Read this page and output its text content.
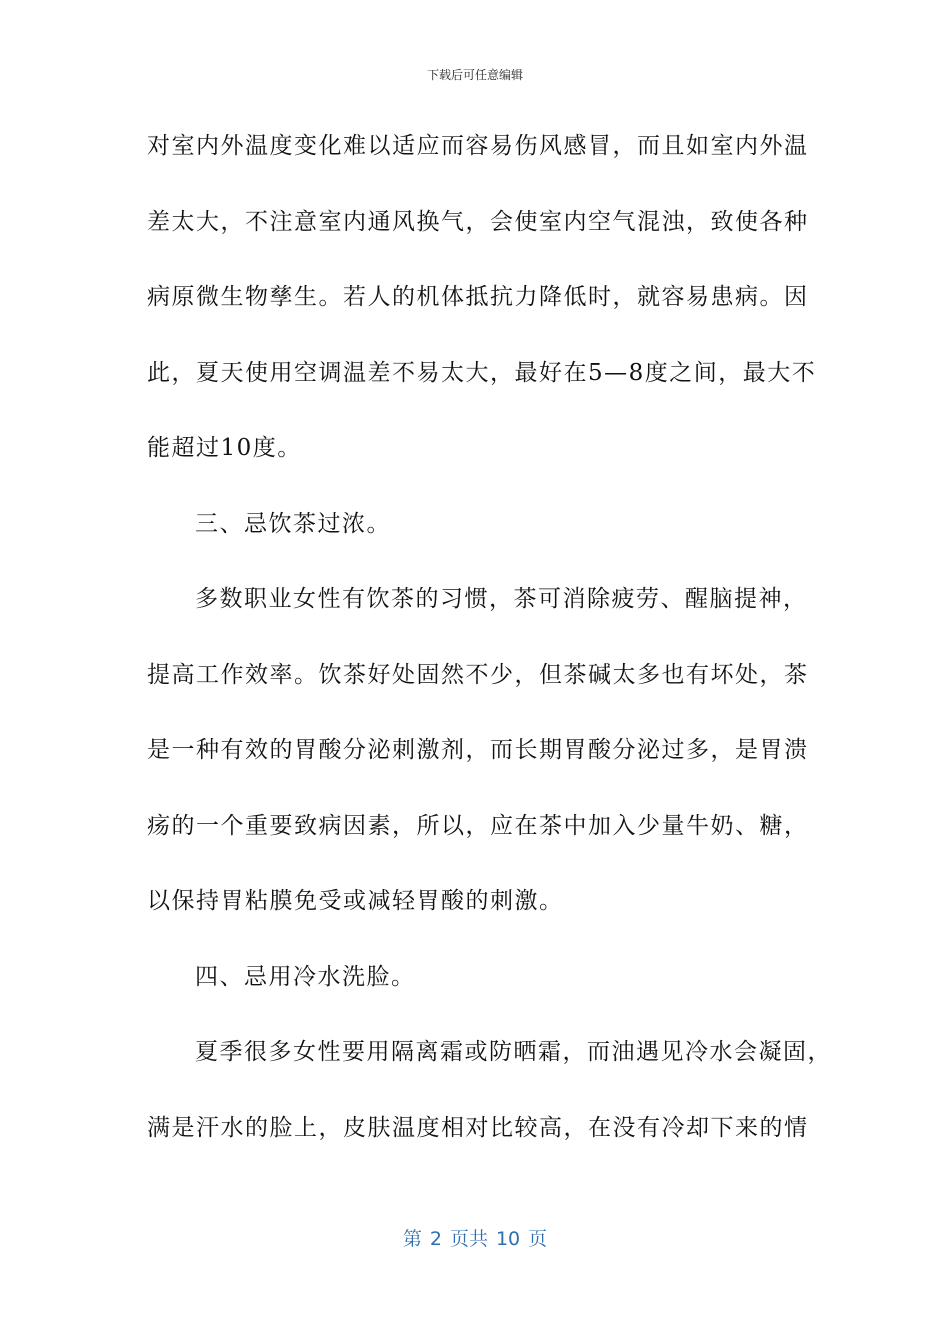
下载后可任意编辑
对室内外温度变化难以适应而容易伤风感冒，而且如室内外温
差太大，不注意室内通风换气，会使室内空气混浊，致使各种
病原微生物孳生。若人的机体抵抗力降低时，就容易患病。因
此，夏天使用空调温差不易太大，最好在5—8度之间，最大不
能超过10度。
三、忌饮茶过浓。
多数职业女性有饮茶的习惯，茶可消除疲劳、醒脑提神，
提高工作效率。饮茶好处固然不少，但茶碱太多也有坏处，茶
是一种有效的胃酸分泌刺激剂，而长期胃酸分泌过多，是胃溃
疡的一个重要致病因素，所以，应在茶中加入少量牛奶、糖，
以保持胃粘膜免受或减轻胃酸的刺激。
四、忌用冷水洗脸。
夏季很多女性要用隔离霜或防晒霜，而油遇见冷水会凝固，
满是汗水的脸上，皮肤温度相对比较高，在没有冷却下来的情
第 2 页共 10 页
